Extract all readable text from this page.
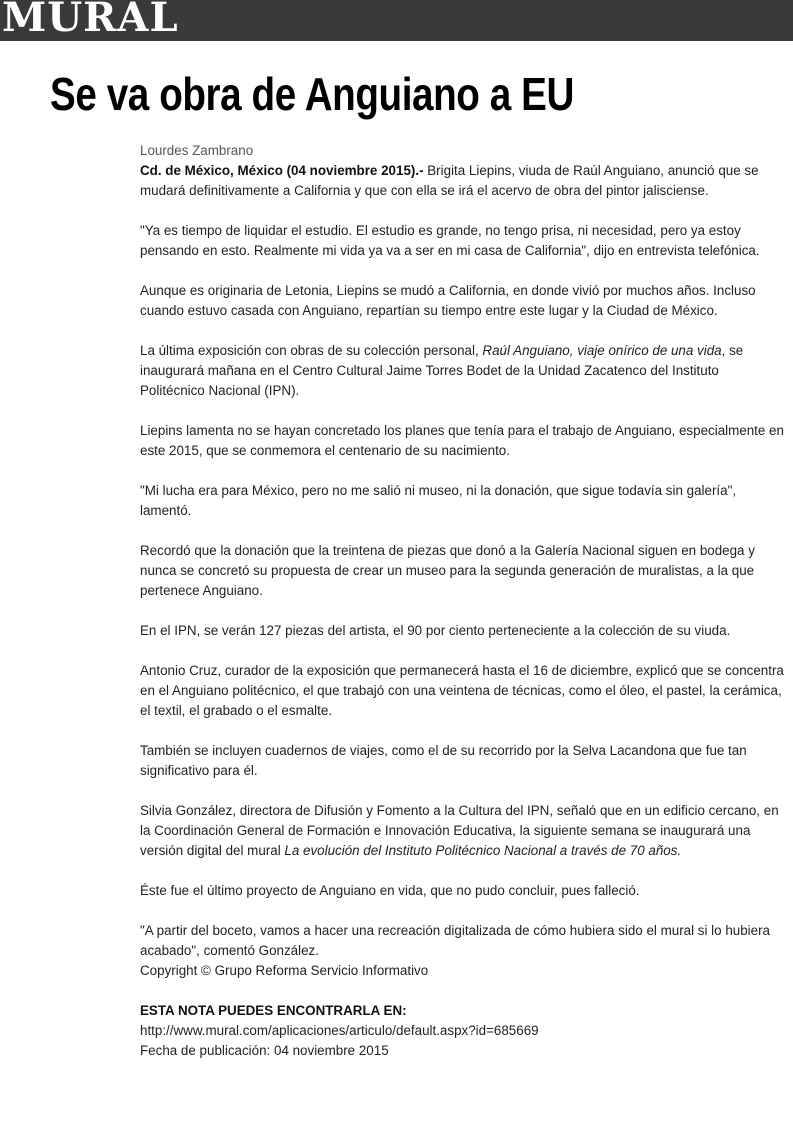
MURAL
Se va obra de Anguiano a EU

Lourdes Zambrano

Cd. de México, México (04 noviembre 2015).- Brigita Liepins, viuda de Raúl Anguiano, anunció que se mudará definitivamente a California y que con ella se irá el acervo de obra del pintor jalisciense.

"Ya es tiempo de liquidar el estudio. El estudio es grande, no tengo prisa, ni necesidad, pero ya estoy pensando en esto. Realmente mi vida ya va a ser en mi casa de California", dijo en entrevista telefónica.

Aunque es originaria de Letonia, Liepins se mudó a California, en donde vivió por muchos años. Incluso cuando estuvo casada con Anguiano, repartían su tiempo entre este lugar y la Ciudad de México.

La última exposición con obras de su colección personal, Raúl Anguiano, viaje onírico de una vida, se inaugurará mañana en el Centro Cultural Jaime Torres Bodet de la Unidad Zacatenco del Instituto Politécnico Nacional (IPN).

Liepins lamenta no se hayan concretado los planes que tenía para el trabajo de Anguiano, especialmente en este 2015, que se conmemora el centenario de su nacimiento.

"Mi lucha era para México, pero no me salió ni museo, ni la donación, que sigue todavía sin galería", lamentó.

Recordó que la donación que la treintena de piezas que donó a la Galería Nacional siguen en bodega y nunca se concretó su propuesta de crear un museo para la segunda generación de muralistas, a la que pertenece Anguiano.

En el IPN, se verán 127 piezas del artista, el 90 por ciento perteneciente a la colección de su viuda.

Antonio Cruz, curador de la exposición que permanecerá hasta el 16 de diciembre, explicó que se concentra en el Anguiano politécnico, el que trabajó con una veintena de técnicas, como el óleo, el pastel, la cerámica, el textil, el grabado o el esmalte.

También se incluyen cuadernos de viajes, como el de su recorrido por la Selva Lacandona que fue tan significativo para él.

Silvia González, directora de Difusión y Fomento a la Cultura del IPN, señaló que en un edificio cercano, en la Coordinación General de Formación e Innovación Educativa, la siguiente semana se inaugurará una versión digital del mural La evolución del Instituto Politécnico Nacional a través de 70 años.

Éste fue el último proyecto de Anguiano en vida, que no pudo concluir, pues falleció.

"A partir del boceto, vamos a hacer una recreación digitalizada de cómo hubiera sido el mural si lo hubiera acabado", comentó González.

Copyright © Grupo Reforma Servicio Informativo

ESTA NOTA PUEDES ENCONTRARLA EN:

http://www.mural.com/aplicaciones/articulo/default.aspx?id=685669

Fecha de publicación: 04 noviembre 2015
